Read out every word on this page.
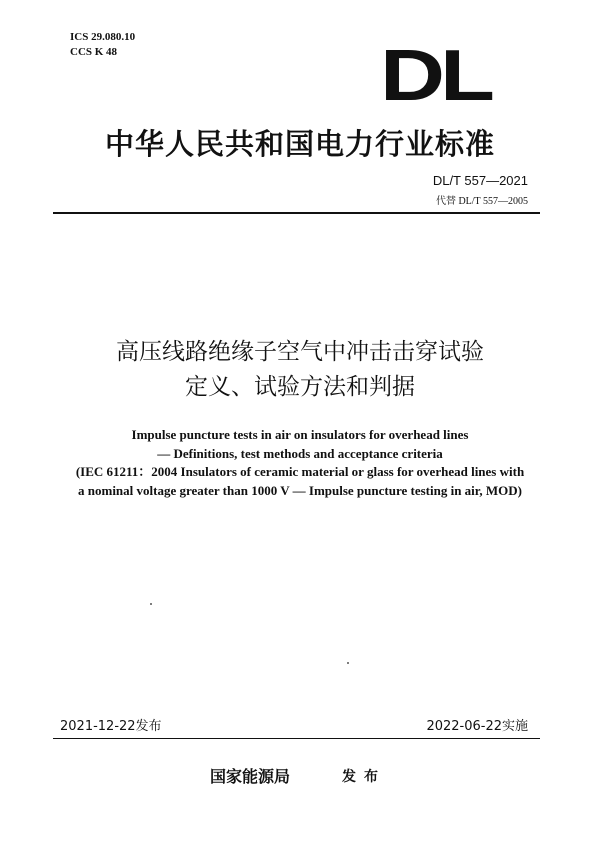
ICS 29.080.10
CCS K 48	DL
中华人民共和国电力行业标准
DL/T 557—2021
代替 DL/T 557—2005
高压线路绝缘子空气中冲击击穿试验
定义、试验方法和判据
Impulse puncture tests in air on insulators for overhead lines
— Definitions, test methods and acceptance criteria
(IEC 61211：2004 Insulators of ceramic material or glass for overhead lines with
a nominal voltage greater than 1000 V — Impulse puncture testing in air, MOD)
2021-12-22发布	2022-06-22实施
国家能源局	发布
